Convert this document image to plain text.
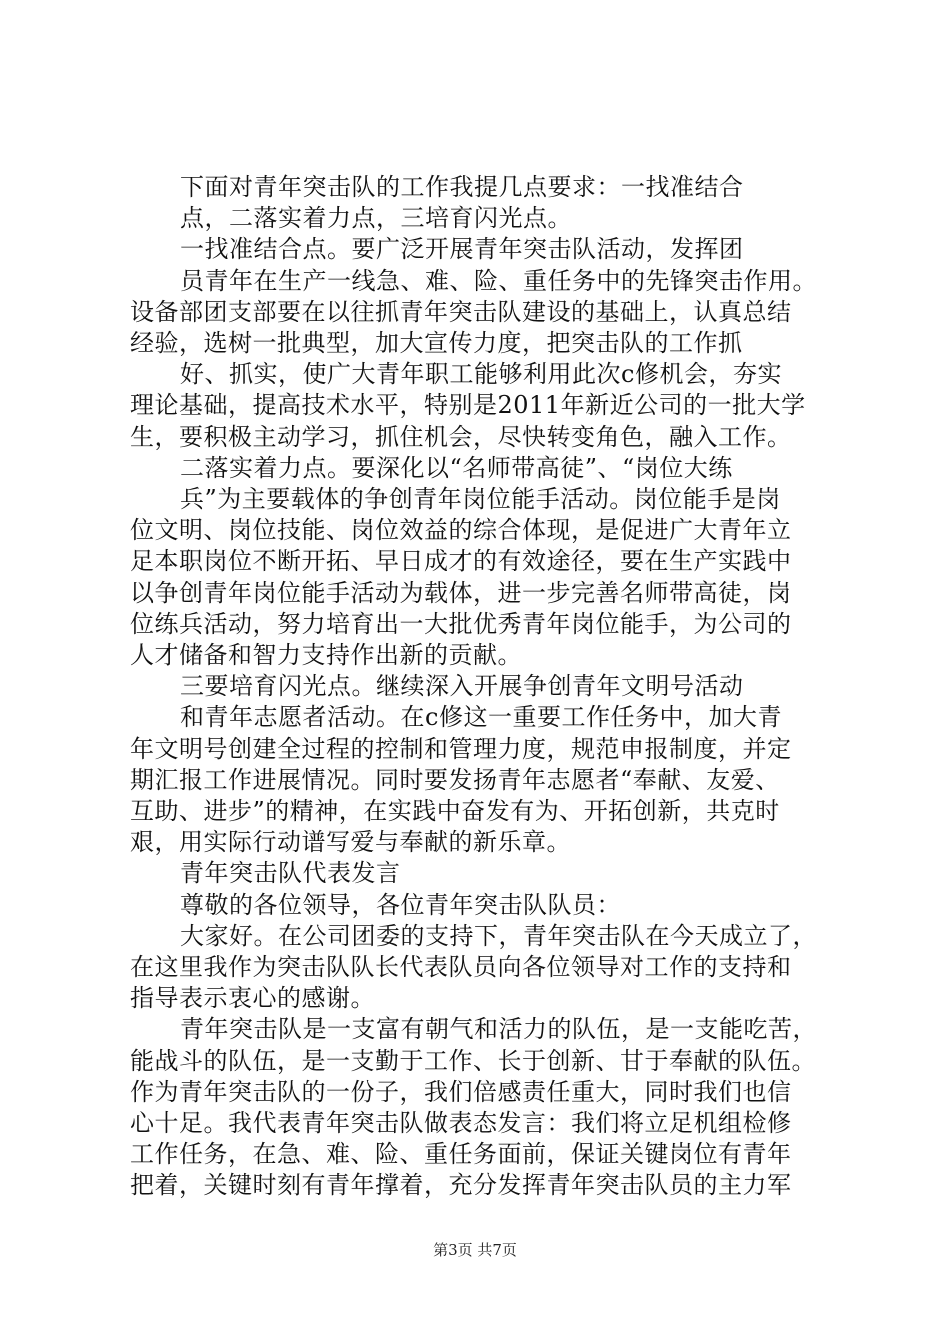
下面对青年突击队的工作我提几点要求：一找准结合
点，二落实着力点，三培育闪光点。
一找准结合点。要广泛开展青年突击队活动，发挥团
员青年在生产一线急、难、险、重任务中的先锋突击作用。
设备部团支部要在以往抓青年突击队建设的基础上，认真总结
经验，选树一批典型，加大宣传力度，把突击队的工作抓
好、抓实，使广大青年职工能够利用此次c修机会，夯实
理论基础，提高技术水平，特别是2011年新近公司的一批大学
生，要积极主动学习，抓住机会，尽快转变角色，融入工作。
二落实着力点。要深化以“名师带高徒”、“岗位大练
兵”为主要载体的争创青年岗位能手活动。岗位能手是岗
位文明、岗位技能、岗位效益的综合体现，是促进广大青年立
足本职岗位不断开拓、早日成才的有效途径，要在生产实践中
以争创青年岗位能手活动为载体，进一步完善名师带高徒，岗
位练兵活动，努力培育出一大批优秀青年岗位能手，为公司的
人才储备和智力支持作出新的贡献。
三要培育闪光点。继续深入开展争创青年文明号活动
和青年志愿者活动。在c修这一重要工作任务中，加大青
年文明号创建全过程的控制和管理力度，规范申报制度，并定
期汇报工作进展情况。同时要发扬青年志愿者“奉献、友爱、
互助、进步”的精神，在实践中奋发有为、开拓创新，共克时
艰，用实际行动谱写爱与奉献的新乐章。
青年突击队代表发言
尊敬的各位领导，各位青年突击队队员：
大家好。在公司团委的支持下，青年突击队在今天成立了，
在这里我作为突击队队长代表队员向各位领导对工作的支持和
指导表示衷心的感谢。
青年突击队是一支富有朝气和活力的队伍，是一支能吃苦，
能战斗的队伍，是一支勤于工作、长于创新、甘于奉献的队伍。
作为青年突击队的一份子，我们倍感责任重大，同时我们也信
心十足。我代表青年突击队做表态发言：我们将立足机组检修
工作任务，在急、难、险、重任务面前，保证关键岗位有青年
把着，关键时刻有青年撑着，充分发挥青年突击队员的主力军
第3页 共7页
